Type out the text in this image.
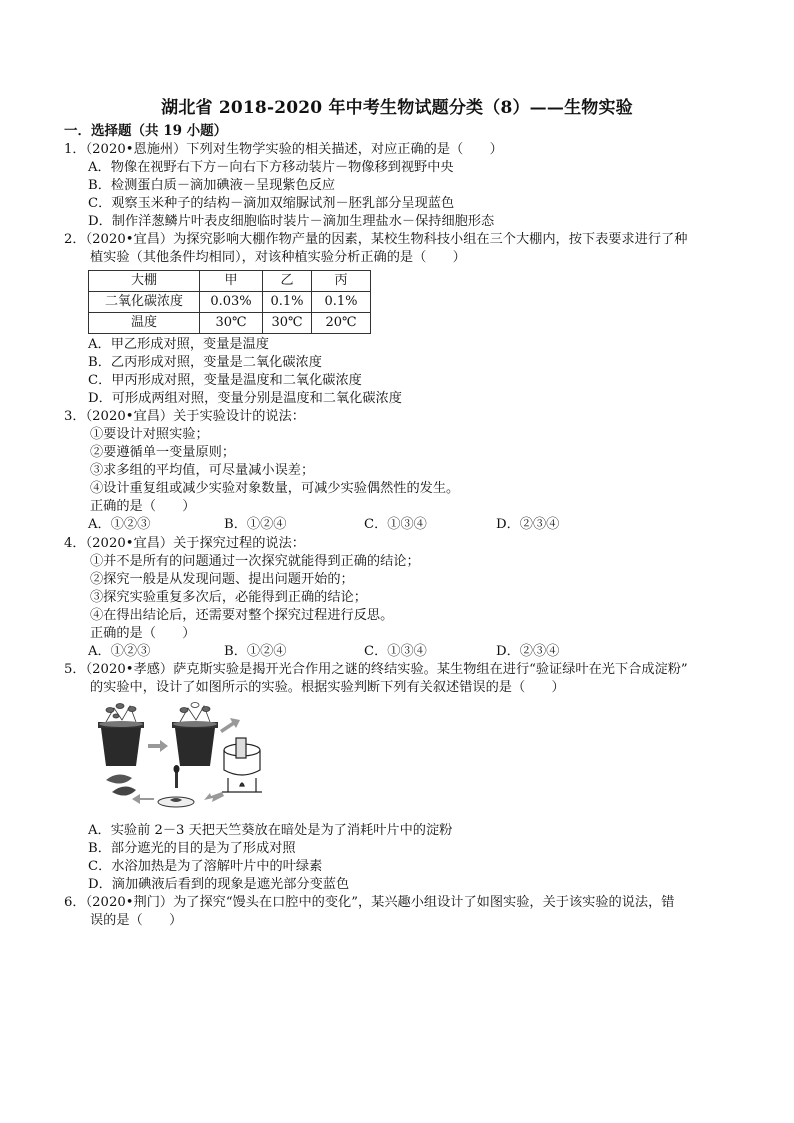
湖北省 2018-2020 年中考生物试题分类（8）——生物实验
一．选择题（共 19 小题）
1．（2020•恩施州）下列对生物学实验的相关描述，对应正确的是（　　）
A．物像在视野右下方－向右下方移动装片－物像移到视野中央
B．检测蛋白质－滴加碘液－呈现紫色反应
C．观察玉米种子的结构－滴加双缩脲试剂－胚乳部分呈现蓝色
D．制作洋葱鳞片叶表皮细胞临时装片－滴加生理盐水－保持细胞形态
2．（2020•宜昌）为探究影响大棚作物产量的因素，某校生物科技小组在三个大棚内，按下表要求进行了种
植实验（其他条件均相同），对该种植实验分析正确的是（　　）
大棚	甲	乙	丙
二氧化碳浓度	0.03%	0.1%	0.1%
温度	30℃	30℃	20℃
A．甲乙形成对照，变量是温度
B．乙丙形成对照，变量是二氧化碳浓度
C．甲丙形成对照，变量是温度和二氧化碳浓度
D．可形成两组对照，变量分别是温度和二氧化碳浓度
3．（2020•宜昌）关于实验设计的说法：
①要设计对照实验；
②要遵循单一变量原则；
③求多组的平均值，可尽量减小误差；
④设计重复组或减少实验对象数量，可减少实验偶然性的发生。
正确的是（　　）
A．①②③	B．①②④	C．①③④	D．②③④
4．（2020•宜昌）关于探究过程的说法：
①并不是所有的问题通过一次探究就能得到正确的结论；
②探究一般是从发现问题、提出问题开始的；
③探究实验重复多次后，必能得到正确的结论；
④在得出结论后，还需要对整个探究过程进行反思。
正确的是（　　）
A．①②③	B．①②④	C．①③④	D．②③④
5．（2020•孝感）萨克斯实验是揭开光合作用之谜的终结实验。某生物组在进行“验证绿叶在光下合成淀粉”
的实验中，设计了如图所示的实验。根据实验判断下列有关叙述错误的是（　　）
A．实验前 2－3 天把天竺葵放在暗处是为了消耗叶片中的淀粉
B．部分遮光的目的是为了形成对照
C．水浴加热是为了溶解叶片中的叶绿素
D．滴加碘液后看到的现象是遮光部分变蓝色
6．（2020•荆门）为了探究“馒头在口腔中的变化”，某兴趣小组设计了如图实验，关于该实验的说法，错
误的是（　　）
